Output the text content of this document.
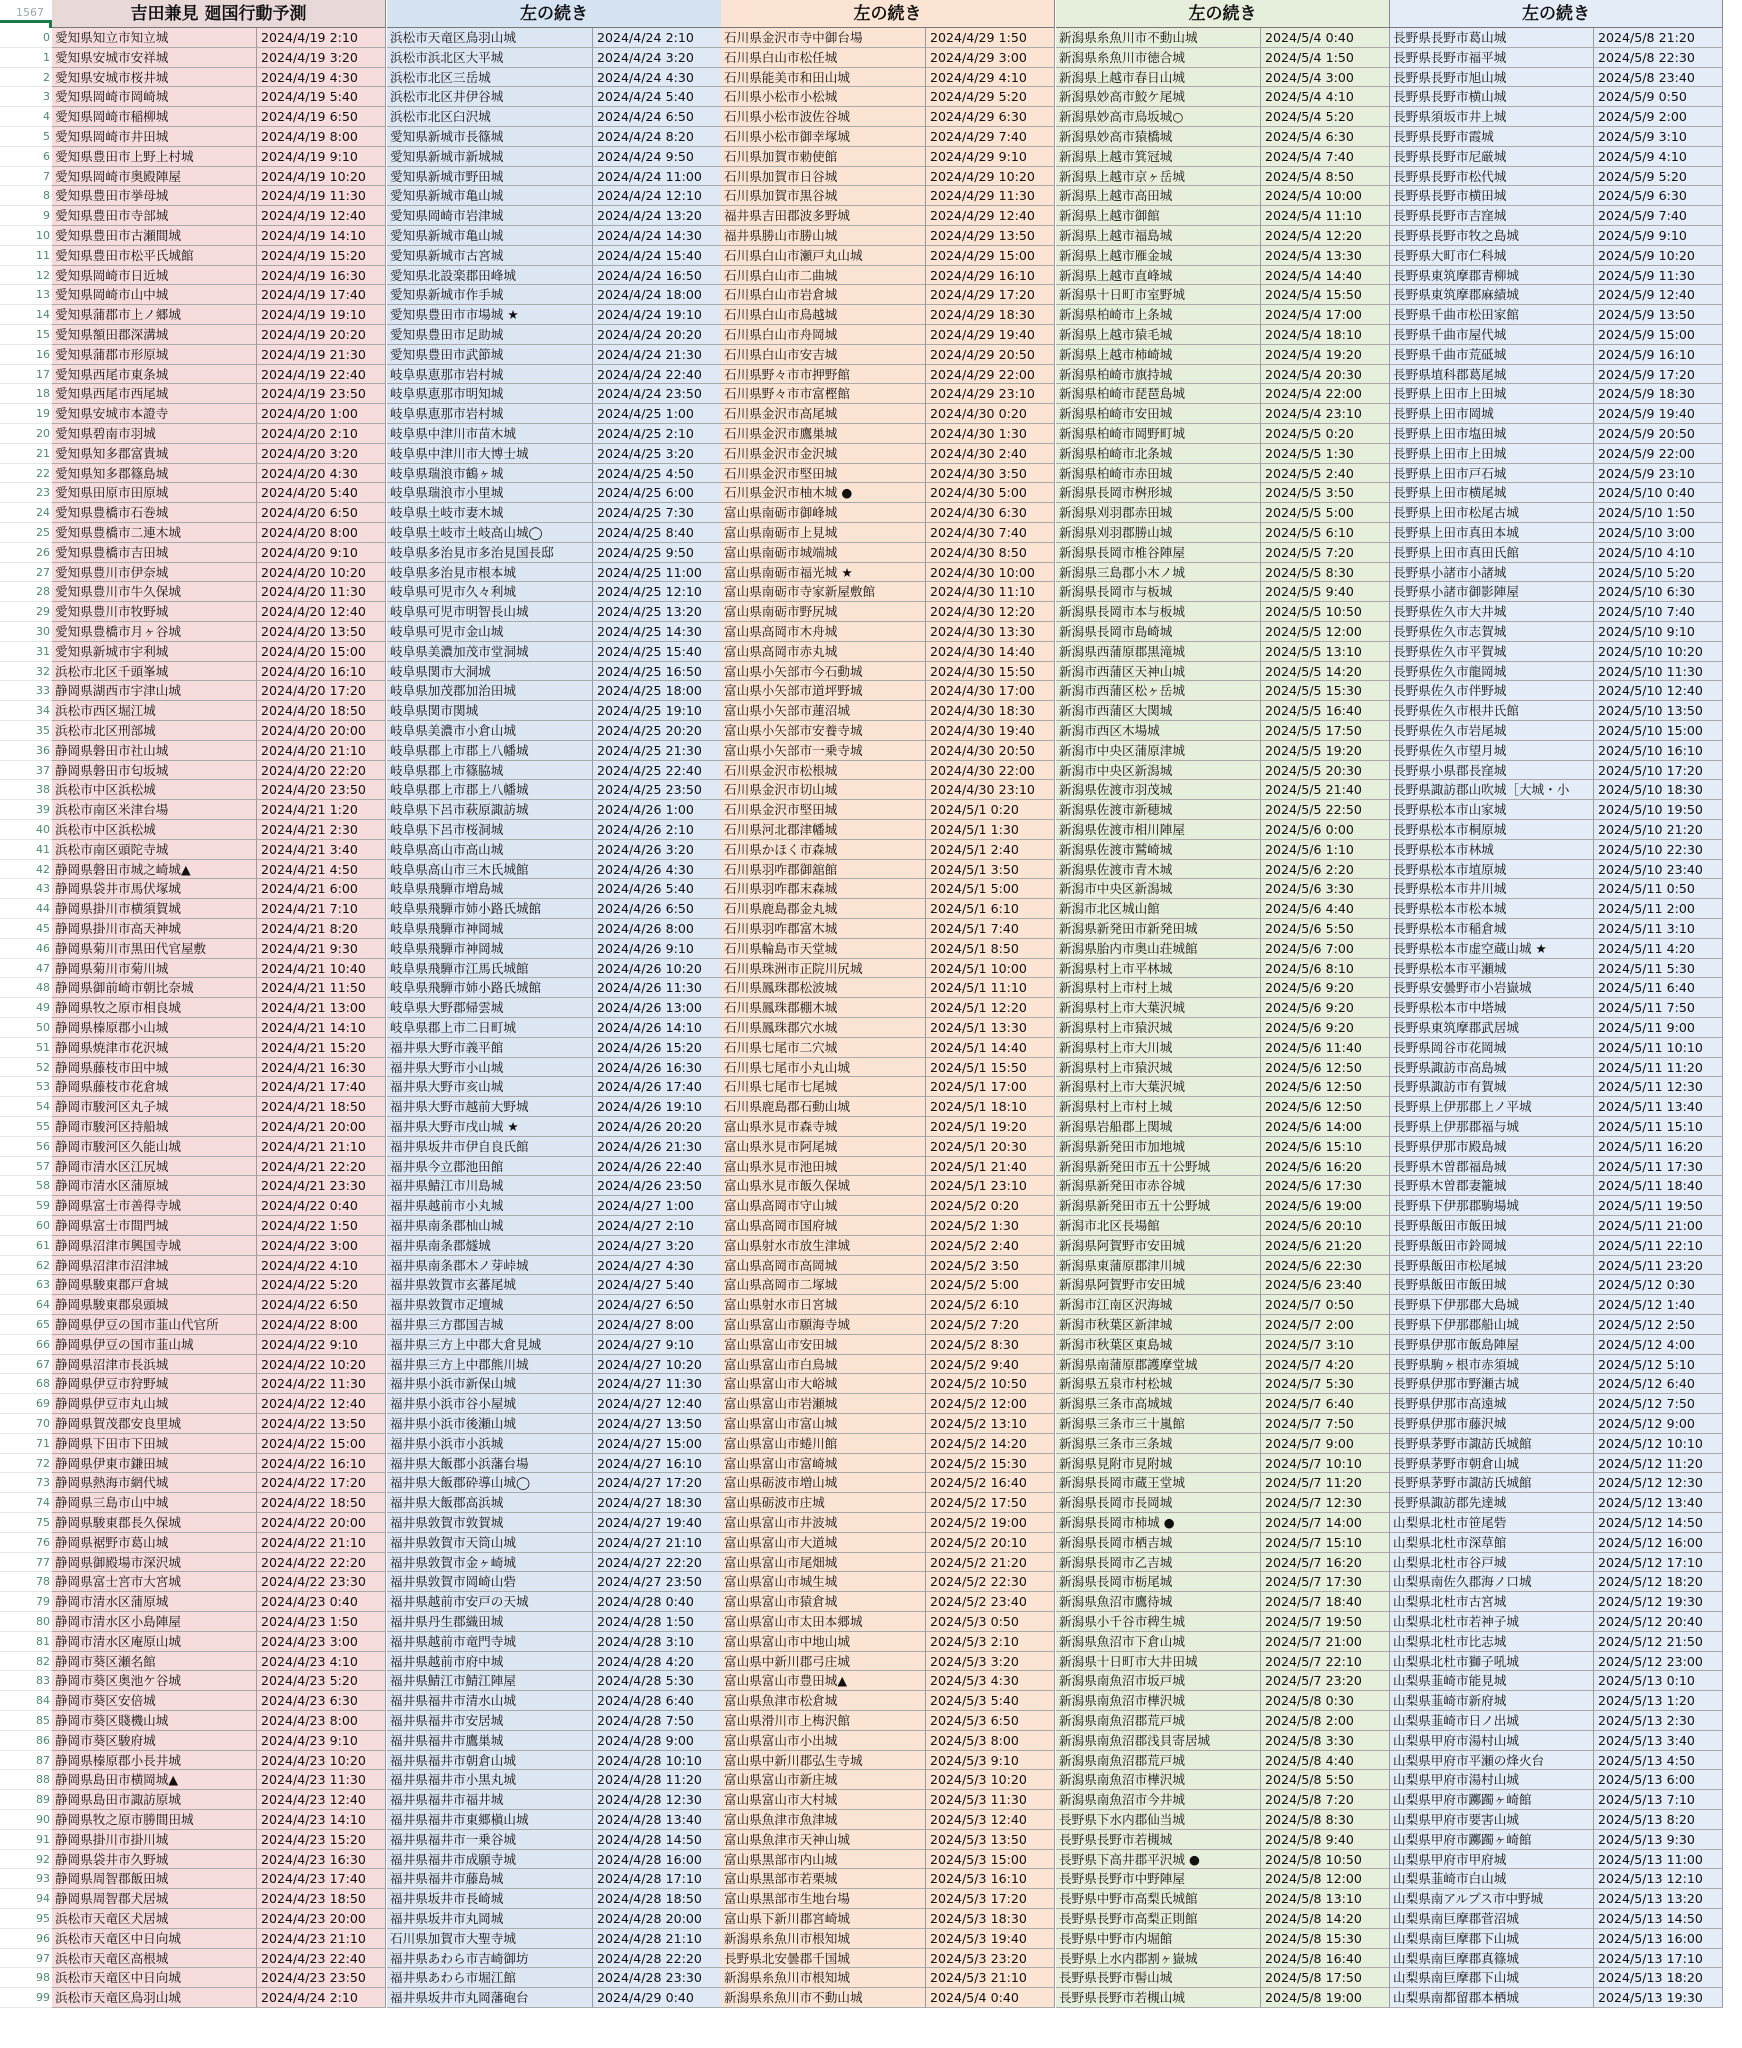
1567	吉田兼見 廻国行動予測	左の続き	左の続き	左の続き	左の続き
0 愛知県知立市知立城	2024/4/19 2:10	浜松市天竜区鳥羽山城	2024/4/24 2:10	石川県金沢市寺中御台場	2024/4/29 1:50	新潟県糸魚川市不動山城	2024/5/4 0:40	長野県長野市葛山城	2024/5/8 21:20
1 愛知県安城市安祥城	2024/4/19 3:20	浜松市浜北区大平城	2024/4/24 3:20	石川県白山市松任城	2024/4/29 3:00	新潟県糸魚川市徳合城	2024/5/4 1:50	長野県長野市福平城	2024/5/8 22:30
2 愛知県安城市桜井城	2024/4/19 4:30	浜松市北区三岳城	2024/4/24 4:30	石川県能美市和田山城	2024/4/29 4:10	新潟県上越市春日山城	2024/5/4 3:00	長野県長野市旭山城	2024/5/8 23:40
3 愛知県岡崎市岡崎城	2024/4/19 5:40	浜松市北区井伊谷城	2024/4/24 5:40	石川県小松市小松城	2024/4/29 5:20	新潟県妙高市鮫ケ尾城	2024/5/4 4:10	長野県長野市横山城	2024/5/9 0:50
4 愛知県岡崎市稲柳城	2024/4/19 6:50	浜松市北区臼沢城	2024/4/24 6:50	石川県小松市波佐谷城	2024/4/29 6:30	新潟県妙高市鳥坂城○	2024/5/4 5:20	長野県須坂市井上城	2024/5/9 2:00
5 愛知県岡崎市井田城	2024/4/19 8:00	愛知県新城市長篠城	2024/4/24 8:20	石川県小松市御幸塚城	2024/4/29 7:40	新潟県妙高市猿橋城	2024/5/4 6:30	長野県長野市霞城	2024/5/9 3:10
6 愛知県豊田市上野上村城	2024/4/19 9:10	愛知県新城市新城城	2024/4/24 9:50	石川県加賀市勅使館	2024/4/29 9:10	新潟県上越市箕冠城	2024/5/4 7:40	長野県長野市尼厳城	2024/5/9 4:10
7 愛知県岡崎市奥殿陣屋	2024/4/19 10:20	愛知県新城市野田城	2024/4/24 11:00	石川県加賀市日谷城	2024/4/29 10:20	新潟県上越市京ヶ岳城	2024/5/4 8:50	長野県長野市松代城	2024/5/9 5:20
8 愛知県豊田市挙母城	2024/4/19 11:30	愛知県新城市亀山城	2024/4/24 12:10	石川県加賀市黒谷城	2024/4/29 11:30	新潟県上越市高田城	2024/5/4 10:00	長野県長野市横田城	2024/5/9 6:30
9 愛知県豊田市寺部城	2024/4/19 12:40	愛知県岡崎市岩津城	2024/4/24 13:20	福井県吉田郡波多野城	2024/4/29 12:40	新潟県上越市御館	2024/5/4 11:10	長野県長野市吉窪城	2024/5/9 7:40
10 愛知県豊田市古瀬間城	2024/4/19 14:10	愛知県新城市亀山城	2024/4/24 14:30	福井県勝山市勝山城	2024/4/29 13:50	新潟県上越市福島城	2024/5/4 12:20	長野県長野市牧之島城	2024/5/9 9:10
11 愛知県豊田市松平氏城館	2024/4/19 15:20	愛知県新城市古宮城	2024/4/24 15:40	石川県白山市瀬戸丸山城	2024/4/29 15:00	新潟県上越市雁金城	2024/5/4 13:30	長野県大町市仁科城	2024/5/9 10:20
12 愛知県岡崎市日近城	2024/4/19 16:30	愛知県北設楽郡田峰城	2024/4/24 16:50	石川県白山市二曲城	2024/4/29 16:10	新潟県上越市直峰城	2024/5/4 14:40	長野県東筑摩郡青柳城	2024/5/9 11:30
13 愛知県岡崎市山中城	2024/4/19 17:40	愛知県新城市作手城	2024/4/24 18:00	石川県白山市岩倉城	2024/4/29 17:20	新潟県十日町市室野城	2024/5/4 15:50	長野県東筑摩郡麻績城	2024/5/9 12:40
14 愛知県蒲郡市上ノ郷城	2024/4/19 19:10	愛知県豊田市市場城 ★	2024/4/24 19:10	石川県白山市鳥越城	2024/4/29 18:30	新潟県柏崎市上条城	2024/5/4 17:00	長野県千曲市松田家館	2024/5/9 13:50
15 愛知県額田郡深溝城	2024/4/19 20:20	愛知県豊田市足助城	2024/4/24 20:20	石川県白山市舟岡城	2024/4/29 19:40	新潟県上越市猿毛城	2024/5/4 18:10	長野県千曲市屋代城	2024/5/9 15:00
16 愛知県蒲郡市形原城	2024/4/19 21:30	愛知県豊田市武節城	2024/4/24 21:30	石川県白山市安吉城	2024/4/29 20:50	新潟県上越市柿崎城	2024/5/4 19:20	長野県千曲市荒砥城	2024/5/9 16:10
17 愛知県西尾市東条城	2024/4/19 22:40	岐阜県恵那市岩村城	2024/4/24 22:40	石川県野々市市押野館	2024/4/29 22:00	新潟県柏崎市旗持城	2024/5/4 20:30	長野県埴科郡葛尾城	2024/5/9 17:20
18 愛知県西尾市西尾城	2024/4/19 23:50	岐阜県恵那市明知城	2024/4/24 23:50	石川県野々市市富樫館	2024/4/29 23:10	新潟県柏崎市琵琶島城	2024/5/4 22:00	長野県上田市上田城	2024/5/9 18:30
19 愛知県安城市本證寺	2024/4/20 1:00	岐阜県恵那市岩村城	2024/4/25 1:00	石川県金沢市高尾城	2024/4/30 0:20	新潟県柏崎市安田城	2024/5/4 23:10	長野県上田市岡城	2024/5/9 19:40
20 愛知県碧南市羽城	2024/4/20 2:10	岐阜県中津川市苗木城	2024/4/25 2:10	石川県金沢市鷹巣城	2024/4/30 1:30	新潟県柏崎市岡野町城	2024/5/5 0:20	長野県上田市塩田城	2024/5/9 20:50
21 愛知県知多郡富貴城	2024/4/20 3:20	岐阜県中津川市大博士城	2024/4/25 3:20	石川県金沢市金沢城	2024/4/30 2:40	新潟県柏崎市北条城	2024/5/5 1:30	長野県上田市上田城	2024/5/9 22:00
22 愛知県知多郡篠島城	2024/4/20 4:30	岐阜県瑞浪市鶴ヶ城	2024/4/25 4:50	石川県金沢市堅田城	2024/4/30 3:50	新潟県柏崎市赤田城	2024/5/5 2:40	長野県上田市戸石城	2024/5/9 23:10
23 愛知県田原市田原城	2024/4/20 5:40	岐阜県瑞浪市小里城	2024/4/25 6:00	石川県金沢市柚木城 ●	2024/4/30 5:00	新潟県長岡市桝形城	2024/5/5 3:50	長野県上田市横尾城	2024/5/10 0:40
24 愛知県豊橋市石巻城	2024/4/20 6:50	岐阜県土岐市妻木城	2024/4/25 7:30	富山県南砺市御峰城	2024/4/30 6:30	新潟県刈羽郡赤田城	2024/5/5 5:00	長野県上田市松尾古城	2024/5/10 1:50
25 愛知県豊橋市二連木城	2024/4/20 8:00	岐阜県土岐市土岐高山城◯	2024/4/25 8:40	富山県南砺市上見城	2024/4/30 7:40	新潟県刈羽郡勝山城	2024/5/5 6:10	長野県上田市真田本城	2024/5/10 3:00
26 愛知県豊橋市吉田城	2024/4/20 9:10	岐阜県多治見市多治見国長邸	2024/4/25 9:50	富山県南砺市城端城	2024/4/30 8:50	新潟県長岡市椎谷陣屋	2024/5/5 7:20	長野県上田市真田氏館	2024/5/10 4:10
27 愛知県豊川市伊奈城	2024/4/20 10:20	岐阜県多治見市根本城	2024/4/25 11:00	富山県南砺市福光城 ★	2024/4/30 10:00	新潟県三島郡小木ノ城	2024/5/5 8:30	長野県小諸市小諸城	2024/5/10 5:20
28 愛知県豊川市牛久保城	2024/4/20 11:30	岐阜県可児市久々利城	2024/4/25 12:10	富山県南砺市寺家新屋敷館	2024/4/30 11:10	新潟県長岡市与板城	2024/5/5 9:40	長野県小諸市御影陣屋	2024/5/10 6:30
29 愛知県豊川市牧野城	2024/4/20 12:40	岐阜県可児市明智長山城	2024/4/25 13:20	富山県南砺市野尻城	2024/4/30 12:20	新潟県長岡市本与板城	2024/5/5 10:50	長野県佐久市大井城	2024/5/10 7:40
30 愛知県豊橋市月ヶ谷城	2024/4/20 13:50	岐阜県可児市金山城	2024/4/25 14:30	富山県高岡市木舟城	2024/4/30 13:30	新潟県長岡市島崎城	2024/5/5 12:00	長野県佐久市志賀城	2024/5/10 9:10
31 愛知県新城市宇利城	2024/4/20 15:00	岐阜県美濃加茂市堂洞城	2024/4/25 15:40	富山県高岡市赤丸城	2024/4/30 14:40	新潟県西蒲原郡黒滝城	2024/5/5 13:10	長野県佐久市平賀城	2024/5/10 10:20
32 浜松市北区千頭峯城	2024/4/20 16:10	岐阜県関市大洞城	2024/4/25 16:50	富山県小矢部市今石動城	2024/4/30 15:50	新潟市西蒲区天神山城	2024/5/5 14:20	長野県佐久市龍岡城	2024/5/10 11:30
33 静岡県湖西市宇津山城	2024/4/20 17:20	岐阜県加茂郡加治田城	2024/4/25 18:00	富山県小矢部市道坪野城	2024/4/30 17:00	新潟市西蒲区松ヶ岳城	2024/5/5 15:30	長野県佐久市伴野城	2024/5/10 12:40
34 浜松市西区堀江城	2024/4/20 18:50	岐阜県関市関城	2024/4/25 19:10	富山県小矢部市蓮沼城	2024/4/30 18:30	新潟市西蒲区大関城	2024/5/5 16:40	長野県佐久市根井氏館	2024/5/10 13:50
35 浜松市北区刑部城	2024/4/20 20:00	岐阜県美濃市小倉山城	2024/4/25 20:20	富山県小矢部市安養寺城	2024/4/30 19:40	新潟市西区木場城	2024/5/5 17:50	長野県佐久市岩尾城	2024/5/10 15:00
36 静岡県磐田市社山城	2024/4/20 21:10	岐阜県郡上市郡上八幡城	2024/4/25 21:30	富山県小矢部市一乗寺城	2024/4/30 20:50	新潟市中央区蒲原津城	2024/5/5 19:20	長野県佐久市望月城	2024/5/10 16:10
37 静岡県磐田市匂坂城	2024/4/20 22:20	岐阜県郡上市篠脇城	2024/4/25 22:40	石川県金沢市松根城	2024/4/30 22:00	新潟市中央区新潟城	2024/5/5 20:30	長野県小県郡長窪城	2024/5/10 17:20
38 浜松市中区浜松城	2024/4/20 23:50	岐阜県郡上市郡上八幡城	2024/4/25 23:50	石川県金沢市切山城	2024/4/30 23:10	新潟県佐渡市羽茂城	2024/5/5 21:40	長野県諏訪郡山吹城［大城・小	2024/5/10 18:30
39 浜松市南区米津台場	2024/4/21 1:20	岐阜県下呂市萩原諏訪城	2024/4/26 1:00	石川県金沢市堅田城	2024/5/1 0:20	新潟県佐渡市新穂城	2024/5/5 22:50	長野県松本市山家城	2024/5/10 19:50
40 浜松市中区浜松城	2024/4/21 2:30	岐阜県下呂市桜洞城	2024/4/26 2:10	石川県河北郡津幡城	2024/5/1 1:30	新潟県佐渡市相川陣屋	2024/5/6 0:00	長野県松本市桐原城	2024/5/10 21:20
41 浜松市南区頭陀寺城	2024/4/21 3:40	岐阜県高山市高山城	2024/4/26 3:20	石川県かほく市森城	2024/5/1 2:40	新潟県佐渡市鷲崎城	2024/5/6 1:10	長野県松本市林城	2024/5/10 22:30
42 静岡県磐田市城之崎城▲	2024/4/21 4:50	岐阜県高山市三木氏城館	2024/4/26 4:30	石川県羽咋郡御舘館	2024/5/1 3:50	新潟県佐渡市青木城	2024/5/6 2:20	長野県松本市埴原城	2024/5/10 23:40
43 静岡県袋井市馬伏塚城	2024/4/21 6:00	岐阜県飛騨市増島城	2024/4/26 5:40	石川県羽咋郡末森城	2024/5/1 5:00	新潟市中央区新潟城	2024/5/6 3:30	長野県松本市井川城	2024/5/11 0:50
44 静岡県掛川市横須賀城	2024/4/21 7:10	岐阜県飛騨市姉小路氏城館	2024/4/26 6:50	石川県鹿島郡金丸城	2024/5/1 6:10	新潟市北区城山館	2024/5/6 4:40	長野県松本市松本城	2024/5/11 2:00
45 静岡県掛川市高天神城	2024/4/21 8:20	岐阜県飛騨市神岡城	2024/4/26 8:00	石川県羽咋郡富木城	2024/5/1 7:40	新潟県新発田市新発田城	2024/5/6 5:50	長野県松本市稲倉城	2024/5/11 3:10
46 静岡県菊川市黒田代官屋敷	2024/4/21 9:30	岐阜県飛騨市神岡城	2024/4/26 9:10	石川県輪島市天堂城	2024/5/1 8:50	新潟県胎内市奥山荘城館	2024/5/6 7:00	長野県松本市虚空蔵山城 ★	2024/5/11 4:20
47 静岡県菊川市菊川城	2024/4/21 10:40	岐阜県飛騨市江馬氏城館	2024/4/26 10:20	石川県珠洲市正院川尻城	2024/5/1 10:00	新潟県村上市平林城	2024/5/6 8:10	長野県松本市平瀬城	2024/5/11 5:30
48 静岡県御前崎市朝比奈城	2024/4/21 11:50	岐阜県飛騨市姉小路氏城館	2024/4/26 11:30	石川県鳳珠郡松波城	2024/5/1 11:10	新潟県村上市村上城	2024/5/6 9:20	長野県安曇野市小岩嶽城	2024/5/11 6:40
49 静岡県牧之原市相良城	2024/4/21 13:00	岐阜県大野郡帰雲城	2024/4/26 13:00	石川県鳳珠郡棚木城	2024/5/1 12:20	新潟県村上市大葉沢城	2024/5/6 9:20	長野県松本市中塔城	2024/5/11 7:50
50 静岡県榛原郡小山城	2024/4/21 14:10	岐阜県郡上市二日町城	2024/4/26 14:10	石川県鳳珠郡穴水城	2024/5/1 13:30	新潟県村上市猿沢城	2024/5/6 9:20	長野県東筑摩郡武居城	2024/5/11 9:00
51 静岡県焼津市花沢城	2024/4/21 15:20	福井県大野市義平館	2024/4/26 15:20	石川県七尾市二穴城	2024/5/1 14:40	新潟県村上市大川城	2024/5/6 11:40	長野県岡谷市花岡城	2024/5/11 10:10
52 静岡県藤枝市田中城	2024/4/21 16:30	福井県大野市小山城	2024/4/26 16:30	石川県七尾市小丸山城	2024/5/1 15:50	新潟県村上市猿沢城	2024/5/6 12:50	長野県諏訪市高島城	2024/5/11 11:20
53 静岡県藤枝市花倉城	2024/4/21 17:40	福井県大野市亥山城	2024/4/26 17:40	石川県七尾市七尾城	2024/5/1 17:00	新潟県村上市大葉沢城	2024/5/6 12:50	長野県諏訪市有賀城	2024/5/11 12:30
54 静岡市駿河区丸子城	2024/4/21 18:50	福井県大野市越前大野城	2024/4/26 19:10	石川県鹿島郡石動山城	2024/5/1 18:10	新潟県村上市村上城	2024/5/6 12:50	長野県上伊那郡上ノ平城	2024/5/11 13:40
55 静岡市駿河区持船城	2024/4/21 20:00	福井県大野市戌山城 ★	2024/4/26 20:20	富山県氷見市森寺城	2024/5/1 19:20	新潟県岩船郡上関城	2024/5/6 14:00	長野県上伊那郡福与城	2024/5/11 15:10
56 静岡市駿河区久能山城	2024/4/21 21:10	福井県坂井市伊自良氏館	2024/4/26 21:30	富山県氷見市阿尾城	2024/5/1 20:30	新潟県新発田市加地城	2024/5/6 15:10	長野県伊那市殿島城	2024/5/11 16:20
57 静岡市清水区江尻城	2024/4/21 22:20	福井県今立郡池田館	2024/4/26 22:40	富山県氷見市池田城	2024/5/1 21:40	新潟県新発田市五十公野城	2024/5/6 16:20	長野県木曽郡福島城	2024/5/11 17:30
58 静岡市清水区蒲原城	2024/4/21 23:30	福井県鯖江市川島城	2024/4/26 23:50	富山県氷見市飯久保城	2024/5/1 23:10	新潟県新発田市赤谷城	2024/5/6 17:30	長野県木曽郡妻籠城	2024/5/11 18:40
59 静岡県富士市善得寺城	2024/4/22 0:40	福井県越前市小丸城	2024/4/27 1:00	富山県高岡市守山城	2024/5/2 0:20	新潟県新発田市五十公野城	2024/5/6 19:00	長野県下伊那郡駒場城	2024/5/11 19:50
60 静岡県富士市間門城	2024/4/22 1:50	福井県南条郡杣山城	2024/4/27 2:10	富山県高岡市国府城	2024/5/2 1:30	新潟市北区長場館	2024/5/6 20:10	長野県飯田市飯田城	2024/5/11 21:00
61 静岡県沼津市興国寺城	2024/4/22 3:00	福井県南条郡燧城	2024/4/27 3:20	富山県射水市放生津城	2024/5/2 2:40	新潟県阿賀野市安田城	2024/5/6 21:20	長野県飯田市鈴岡城	2024/5/11 22:10
62 静岡県沼津市沼津城	2024/4/22 4:10	福井県南条郡木ノ芽峠城	2024/4/27 4:30	富山県高岡市高岡城	2024/5/2 3:50	新潟県東蒲原郡津川城	2024/5/6 22:30	長野県飯田市松尾城	2024/5/11 23:20
63 静岡県駿東郡戸倉城	2024/4/22 5:20	福井県敦賀市玄蕃尾城	2024/4/27 5:40	富山県高岡市二塚城	2024/5/2 5:00	新潟県阿賀野市安田城	2024/5/6 23:40	長野県飯田市飯田城	2024/5/12 0:30
64 静岡県駿東郡泉頭城	2024/4/22 6:50	福井県敦賀市疋壇城	2024/4/27 6:50	富山県射水市日宮城	2024/5/2 6:10	新潟市江南区沢海城	2024/5/7 0:50	長野県下伊那郡大島城	2024/5/12 1:40
65 静岡県伊豆の国市韮山代官所	2024/4/22 8:00	福井県三方郡国吉城	2024/4/27 8:00	富山県富山市願海寺城	2024/5/2 7:20	新潟市秋葉区新津城	2024/5/7 2:00	長野県下伊那郡船山城	2024/5/12 2:50
66 静岡県伊豆の国市韮山城	2024/4/22 9:10	福井県三方上中郡大倉見城	2024/4/27 9:10	富山県富山市安田城	2024/5/2 8:30	新潟市秋葉区東島城	2024/5/7 3:10	長野県伊那市飯島陣屋	2024/5/12 4:00
67 静岡県沼津市長浜城	2024/4/22 10:20	福井県三方上中郡熊川城	2024/4/27 10:20	富山県富山市白鳥城	2024/5/2 9:40	新潟県南蒲原郡護摩堂城	2024/5/7 4:20	長野県駒ヶ根市赤須城	2024/5/12 5:10
68 静岡県伊豆市狩野城	2024/4/22 11:30	福井県小浜市新保山城	2024/4/27 11:30	富山県富山市大峪城	2024/5/2 10:50	新潟県五泉市村松城	2024/5/7 5:30	長野県伊那市野瀬古城	2024/5/12 6:40
69 静岡県伊豆市丸山城	2024/4/22 12:40	福井県小浜市谷小屋城	2024/4/27 12:40	富山県富山市岩瀬城	2024/5/2 12:00	新潟県三条市高城城	2024/5/7 6:40	長野県伊那市高遠城	2024/5/12 7:50
70 静岡県賀茂郡安良里城	2024/4/22 13:50	福井県小浜市後瀬山城	2024/4/27 13:50	富山県富山市富山城	2024/5/2 13:10	新潟県三条市三十嵐館	2024/5/7 7:50	長野県伊那市藤沢城	2024/5/12 9:00
71 静岡県下田市下田城	2024/4/22 15:00	福井県小浜市小浜城	2024/4/27 15:00	富山県富山市蜷川館	2024/5/2 14:20	新潟県三条市三条城	2024/5/7 9:00	長野県茅野市諏訪氏城館	2024/5/12 10:10
72 静岡県伊東市鎌田城	2024/4/22 16:10	福井県大飯郡小浜藩台場	2024/4/27 16:10	富山県富山市富崎城	2024/5/2 15:30	新潟県見附市見附城	2024/5/7 10:10	長野県茅野市朝倉山城	2024/5/12 11:20
73 静岡県熱海市網代城	2024/4/22 17:20	福井県大飯郡砕導山城◯	2024/4/27 17:20	富山県砺波市増山城	2024/5/2 16:40	新潟県長岡市蔵王堂城	2024/5/7 11:20	長野県茅野市諏訪氏城館	2024/5/12 12:30
74 静岡県三島市山中城	2024/4/22 18:50	福井県大飯郡高浜城	2024/4/27 18:30	富山県砺波市庄城	2024/5/2 17:50	新潟県長岡市長岡城	2024/5/7 12:30	長野県諏訪郡先達城	2024/5/12 13:40
75 静岡県駿東郡長久保城	2024/4/22 20:00	福井県敦賀市敦賀城	2024/4/27 19:40	富山県富山市井波城	2024/5/2 19:00	新潟県長岡市柿城 ●	2024/5/7 14:00	山梨県北杜市笹尾砦	2024/5/12 14:50
76 静岡県裾野市葛山城	2024/4/22 21:10	福井県敦賀市天筒山城	2024/4/27 21:10	富山県富山市大道城	2024/5/2 20:10	新潟県長岡市栖吉城	2024/5/7 15:10	山梨県北杜市深草館	2024/5/12 16:00
77 静岡県御殿場市深沢城	2024/4/22 22:20	福井県敦賀市金ヶ崎城	2024/4/27 22:20	富山県富山市尾畑城	2024/5/2 21:20	新潟県長岡市乙吉城	2024/5/7 16:20	山梨県北杜市谷戸城	2024/5/12 17:10
78 静岡県富士宮市大宮城	2024/4/22 23:30	福井県敦賀市岡崎山砦	2024/4/27 23:50	富山県富山市城生城	2024/5/2 22:30	新潟県長岡市栃尾城	2024/5/7 17:30	山梨県南佐久郡海ノ口城	2024/5/12 18:20
79 静岡市清水区蒲原城	2024/4/23 0:40	福井県越前市安戸の天城	2024/4/28 0:40	富山県富山市猿倉城	2024/5/2 23:40	新潟県魚沼市鷹待城	2024/5/7 18:40	山梨県北杜市古宮城	2024/5/12 19:30
80 静岡市清水区小島陣屋	2024/4/23 1:50	福井県丹生郡織田城	2024/4/28 1:50	富山県富山市太田本郷城	2024/5/3 0:50	新潟県小千谷市稗生城	2024/5/7 19:50	山梨県北杜市若神子城	2024/5/12 20:40
81 静岡市清水区庵原山城	2024/4/23 3:00	福井県越前市竜門寺城	2024/4/28 3:10	富山県富山市中地山城	2024/5/3 2:10	新潟県魚沼市下倉山城	2024/5/7 21:00	山梨県北杜市比志城	2024/5/12 21:50
82 静岡市葵区瀬名館	2024/4/23 4:10	福井県越前市府中城	2024/4/28 4:20	富山県中新川郡弓庄城	2024/5/3 3:20	新潟県十日町市大井田城	2024/5/7 22:10	山梨県北杜市獅子吼城	2024/5/12 23:00
83 静岡市葵区奥池ケ谷城	2024/4/23 5:20	福井県鯖江市鯖江陣屋	2024/4/28 5:30	富山県富山市豊田城▲	2024/5/3 4:30	新潟県南魚沼市坂戸城	2024/5/7 23:20	山梨県韮崎市能見城	2024/5/13 0:10
84 静岡市葵区安倍城	2024/4/23 6:30	福井県福井市清水山城	2024/4/28 6:40	富山県魚津市松倉城	2024/5/3 5:40	新潟県南魚沼市樺沢城	2024/5/8 0:30	山梨県韮崎市新府城	2024/5/13 1:20
85 静岡市葵区賤機山城	2024/4/23 8:00	福井県福井市安居城	2024/4/28 7:50	富山県滑川市上梅沢館	2024/5/3 6:50	新潟県南魚沼郡荒戸城	2024/5/8 2:00	山梨県韮崎市日ノ出城	2024/5/13 2:30
86 静岡市葵区駿府城	2024/4/23 9:10	福井県福井市鷹巣城	2024/4/28 9:00	富山県富山市小出城	2024/5/3 8:00	新潟県南魚沼郡浅貝寄居城	2024/5/8 3:30	山梨県甲府市湯村山城	2024/5/13 3:40
87 静岡県榛原郡小長井城	2024/4/23 10:20	福井県福井市朝倉山城	2024/4/28 10:10	富山県中新川郡弘生寺城	2024/5/3 9:10	新潟県南魚沼郡荒戸城	2024/5/8 4:40	山梨県甲府市平瀬の烽火台	2024/5/13 4:50
88 静岡県島田市横岡城▲	2024/4/23 11:30	福井県福井市小黒丸城	2024/4/28 11:20	富山県富山市新庄城	2024/5/3 10:20	新潟県南魚沼市樺沢城	2024/5/8 5:50	山梨県甲府市湯村山城	2024/5/13 6:00
89 静岡県島田市諏訪原城	2024/4/23 12:40	福井県福井市福井城	2024/4/28 12:30	富山県富山市大村城	2024/5/3 11:30	新潟県南魚沼市今井城	2024/5/8 7:20	山梨県甲府市躑躅ヶ崎館	2024/5/13 7:10
90 静岡県牧之原市勝間田城	2024/4/23 14:10	福井県福井市東郷槇山城	2024/4/28 13:40	富山県魚津市魚津城	2024/5/3 12:40	長野県下水内郡仙当城	2024/5/8 8:30	山梨県甲府市要害山城	2024/5/13 8:20
91 静岡県掛川市掛川城	2024/4/23 15:20	福井県福井市一乗谷城	2024/4/28 14:50	富山県魚津市天神山城	2024/5/3 13:50	長野県長野市若槻城	2024/5/8 9:40	山梨県甲府市躑躅ヶ崎館	2024/5/13 9:30
92 静岡県袋井市久野城	2024/4/23 16:30	福井県福井市成願寺城	2024/4/28 16:00	富山県黒部市内山城	2024/5/3 15:00	長野県下高井郡平沢城 ●	2024/5/8 10:50	山梨県甲府市甲府城	2024/5/13 11:00
93 静岡県周智郡飯田城	2024/4/23 17:40	福井県福井市藤島城	2024/4/28 17:10	富山県黒部市若栗城	2024/5/3 16:10	長野県長野市中野陣屋	2024/5/8 12:00	山梨県韮崎市白山城	2024/5/13 12:10
94 静岡県周智郡犬居城	2024/4/23 18:50	福井県坂井市長崎城	2024/4/28 18:50	富山県黒部市生地台場	2024/5/3 17:20	長野県中野市高梨氏城館	2024/5/8 13:10	山梨県南アルプス市中野城	2024/5/13 13:20
95 浜松市天竜区犬居城	2024/4/23 20:00	福井県坂井市丸岡城	2024/4/28 20:00	富山県下新川郡宮崎城	2024/5/3 18:30	長野県長野市高梨正則館	2024/5/8 14:20	山梨県南巨摩郡菅沼城	2024/5/13 14:50
96 浜松市天竜区中日向城	2024/4/23 21:10	石川県加賀市大聖寺城	2024/4/28 21:10	新潟県糸魚川市根知城	2024/5/3 19:40	長野県中野市内堀館	2024/5/8 15:30	山梨県南巨摩郡下山城	2024/5/13 16:00
97 浜松市天竜区高根城	2024/4/23 22:40	福井県あわら市吉崎御坊	2024/4/28 22:20	長野県北安曇郡千国城	2024/5/3 23:20	長野県上水内郡割ヶ嶽城	2024/5/8 16:40	山梨県南巨摩郡真篠城	2024/5/13 17:10
98 浜松市天竜区中日向城	2024/4/23 23:50	福井県あわら市堀江館	2024/4/28 23:30	新潟県糸魚川市根知城	2024/5/3 21:10	長野県長野市髻山城	2024/5/8 17:50	山梨県南巨摩郡下山城	2024/5/13 18:20
99 浜松市天竜区鳥羽山城	2024/4/24 2:10	福井県坂井市丸岡藩砲台	2024/4/29 0:40	新潟県糸魚川市不動山城	2024/5/4 0:40	長野県長野市若槻山城	2024/5/8 19:00	山梨県南都留郡本栖城	2024/5/13 19:30
